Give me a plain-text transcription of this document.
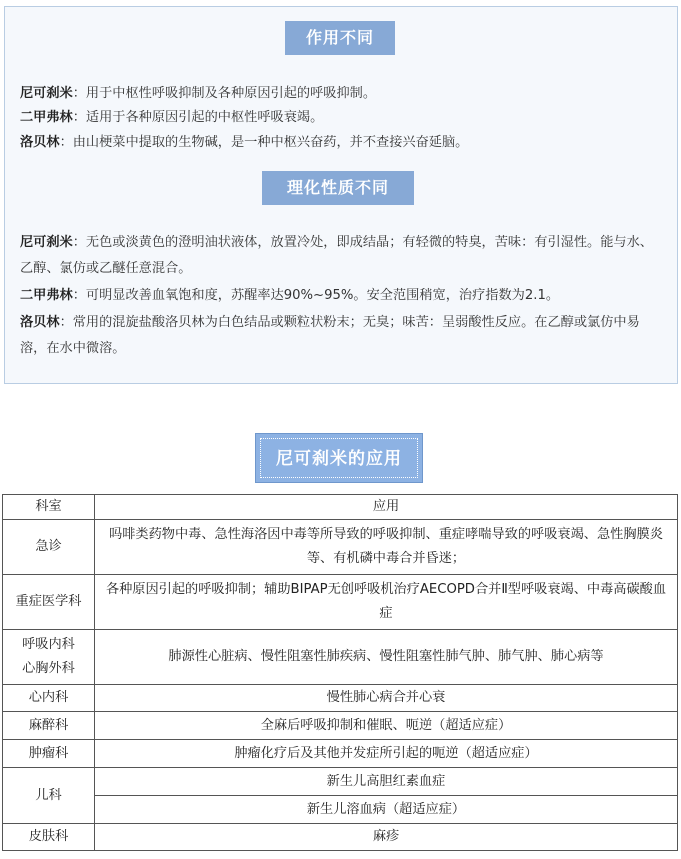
作用不同

尼可刹米：用于中枢性呼吸抑制及各种原因引起的呼吸抑制。

二甲弗林：适用于各种原因引起的中枢性呼吸衰竭。

洛贝林：由山梗菜中提取的生物碱，是一种中枢兴奋药，并不查接兴奋延脑。

理化性质不同

尼可刹米：无色或淡黄色的澄明油状液体，放置冷处，即成结晶；有轻微的特臭，苦味：有引湿性。能与水、乙醇、氯仿或乙醚任意混合。

二甲弗林：可明显改善血氧饱和度，苏醒率达90%~95%。安全范围稍宽，治疗指数为2.1。

洛贝林：常用的混旋盐酸洛贝林为白色结品或颗粒状粉末；无臭；味苦：呈弱酸性反应。在乙醇或氯仿中易溶，在水中微溶。

尼可刹米的应用
科室	应用
急诊	吗啡类药物中毒、急性海洛因中毒等所导致的呼吸抑制、重症哮喘导致的呼吸衰竭、急性胸膜炎等、有机磷中毒合并昏迷；
重症医学科	各种原因引起的呼吸抑制；辅助BIPAP无创呼吸机治疗AECOPD合并Ⅱ型呼吸衰竭、中毒高碳酸血症
呼吸内科
心胸外科	肺源性心脏病、慢性阻塞性肺疾病、慢性阻塞性肺气肿、肺气肿、肺心病等
心内科	慢性肺心病合并心衰
麻醉科	全麻后呼吸抑制和催眠、呃逆（超适应症）
肿瘤科	肿瘤化疗后及其他并发症所引起的呃逆（超适应症）
儿科	新生儿高胆红素血症
	新生儿溶血病（超适应症）
皮肤科	麻疹
